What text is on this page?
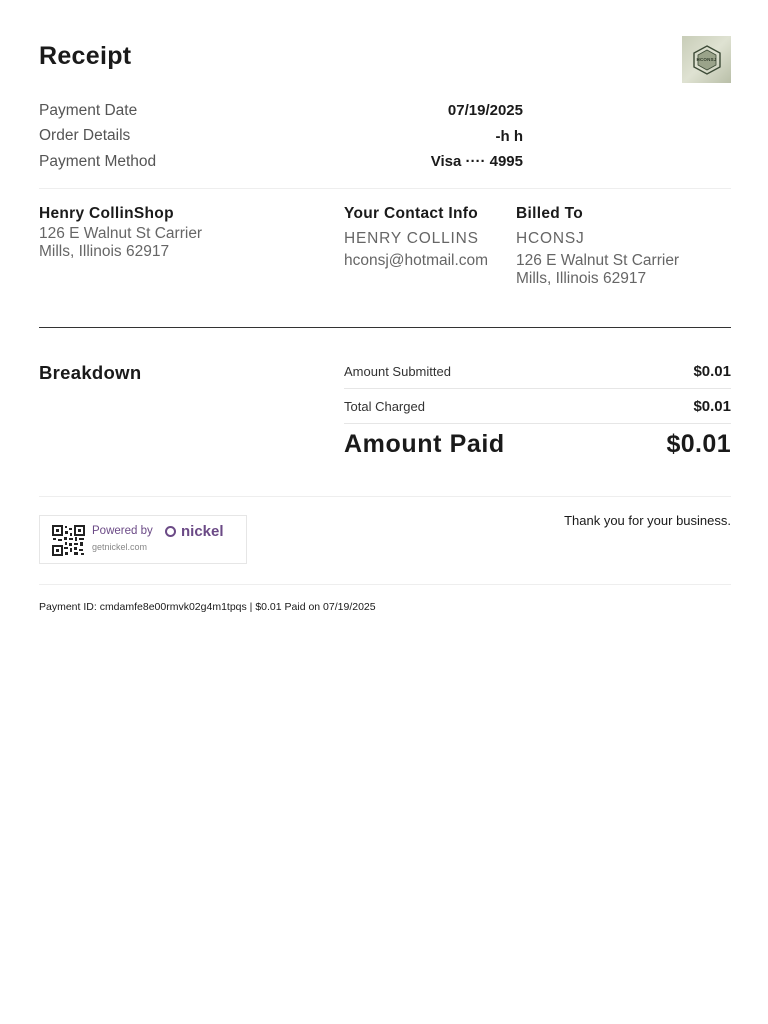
Receipt	HCONSJ
Payment Date	07/19/2025
Order Details	-h h
Payment Method	Visa ···· 4995
Henry CollinShop
126 E Walnut St Carrier
Mills, Illinois 62917
Your Contact Info
HENRY COLLINS
hconsj@hotmail.com
Billed To
HCONSJ
126 E Walnut St Carrier
Mills, Illinois 62917
Breakdown	Amount Submitted	$0.01
Total Charged	$0.01
Amount Paid	$0.01
Powered by nickel
getnickel.com
Thank you for your business.
Payment ID: cmdamfe8e00rmvk02g4m1tpqs | $0.01 Paid on 07/19/2025
